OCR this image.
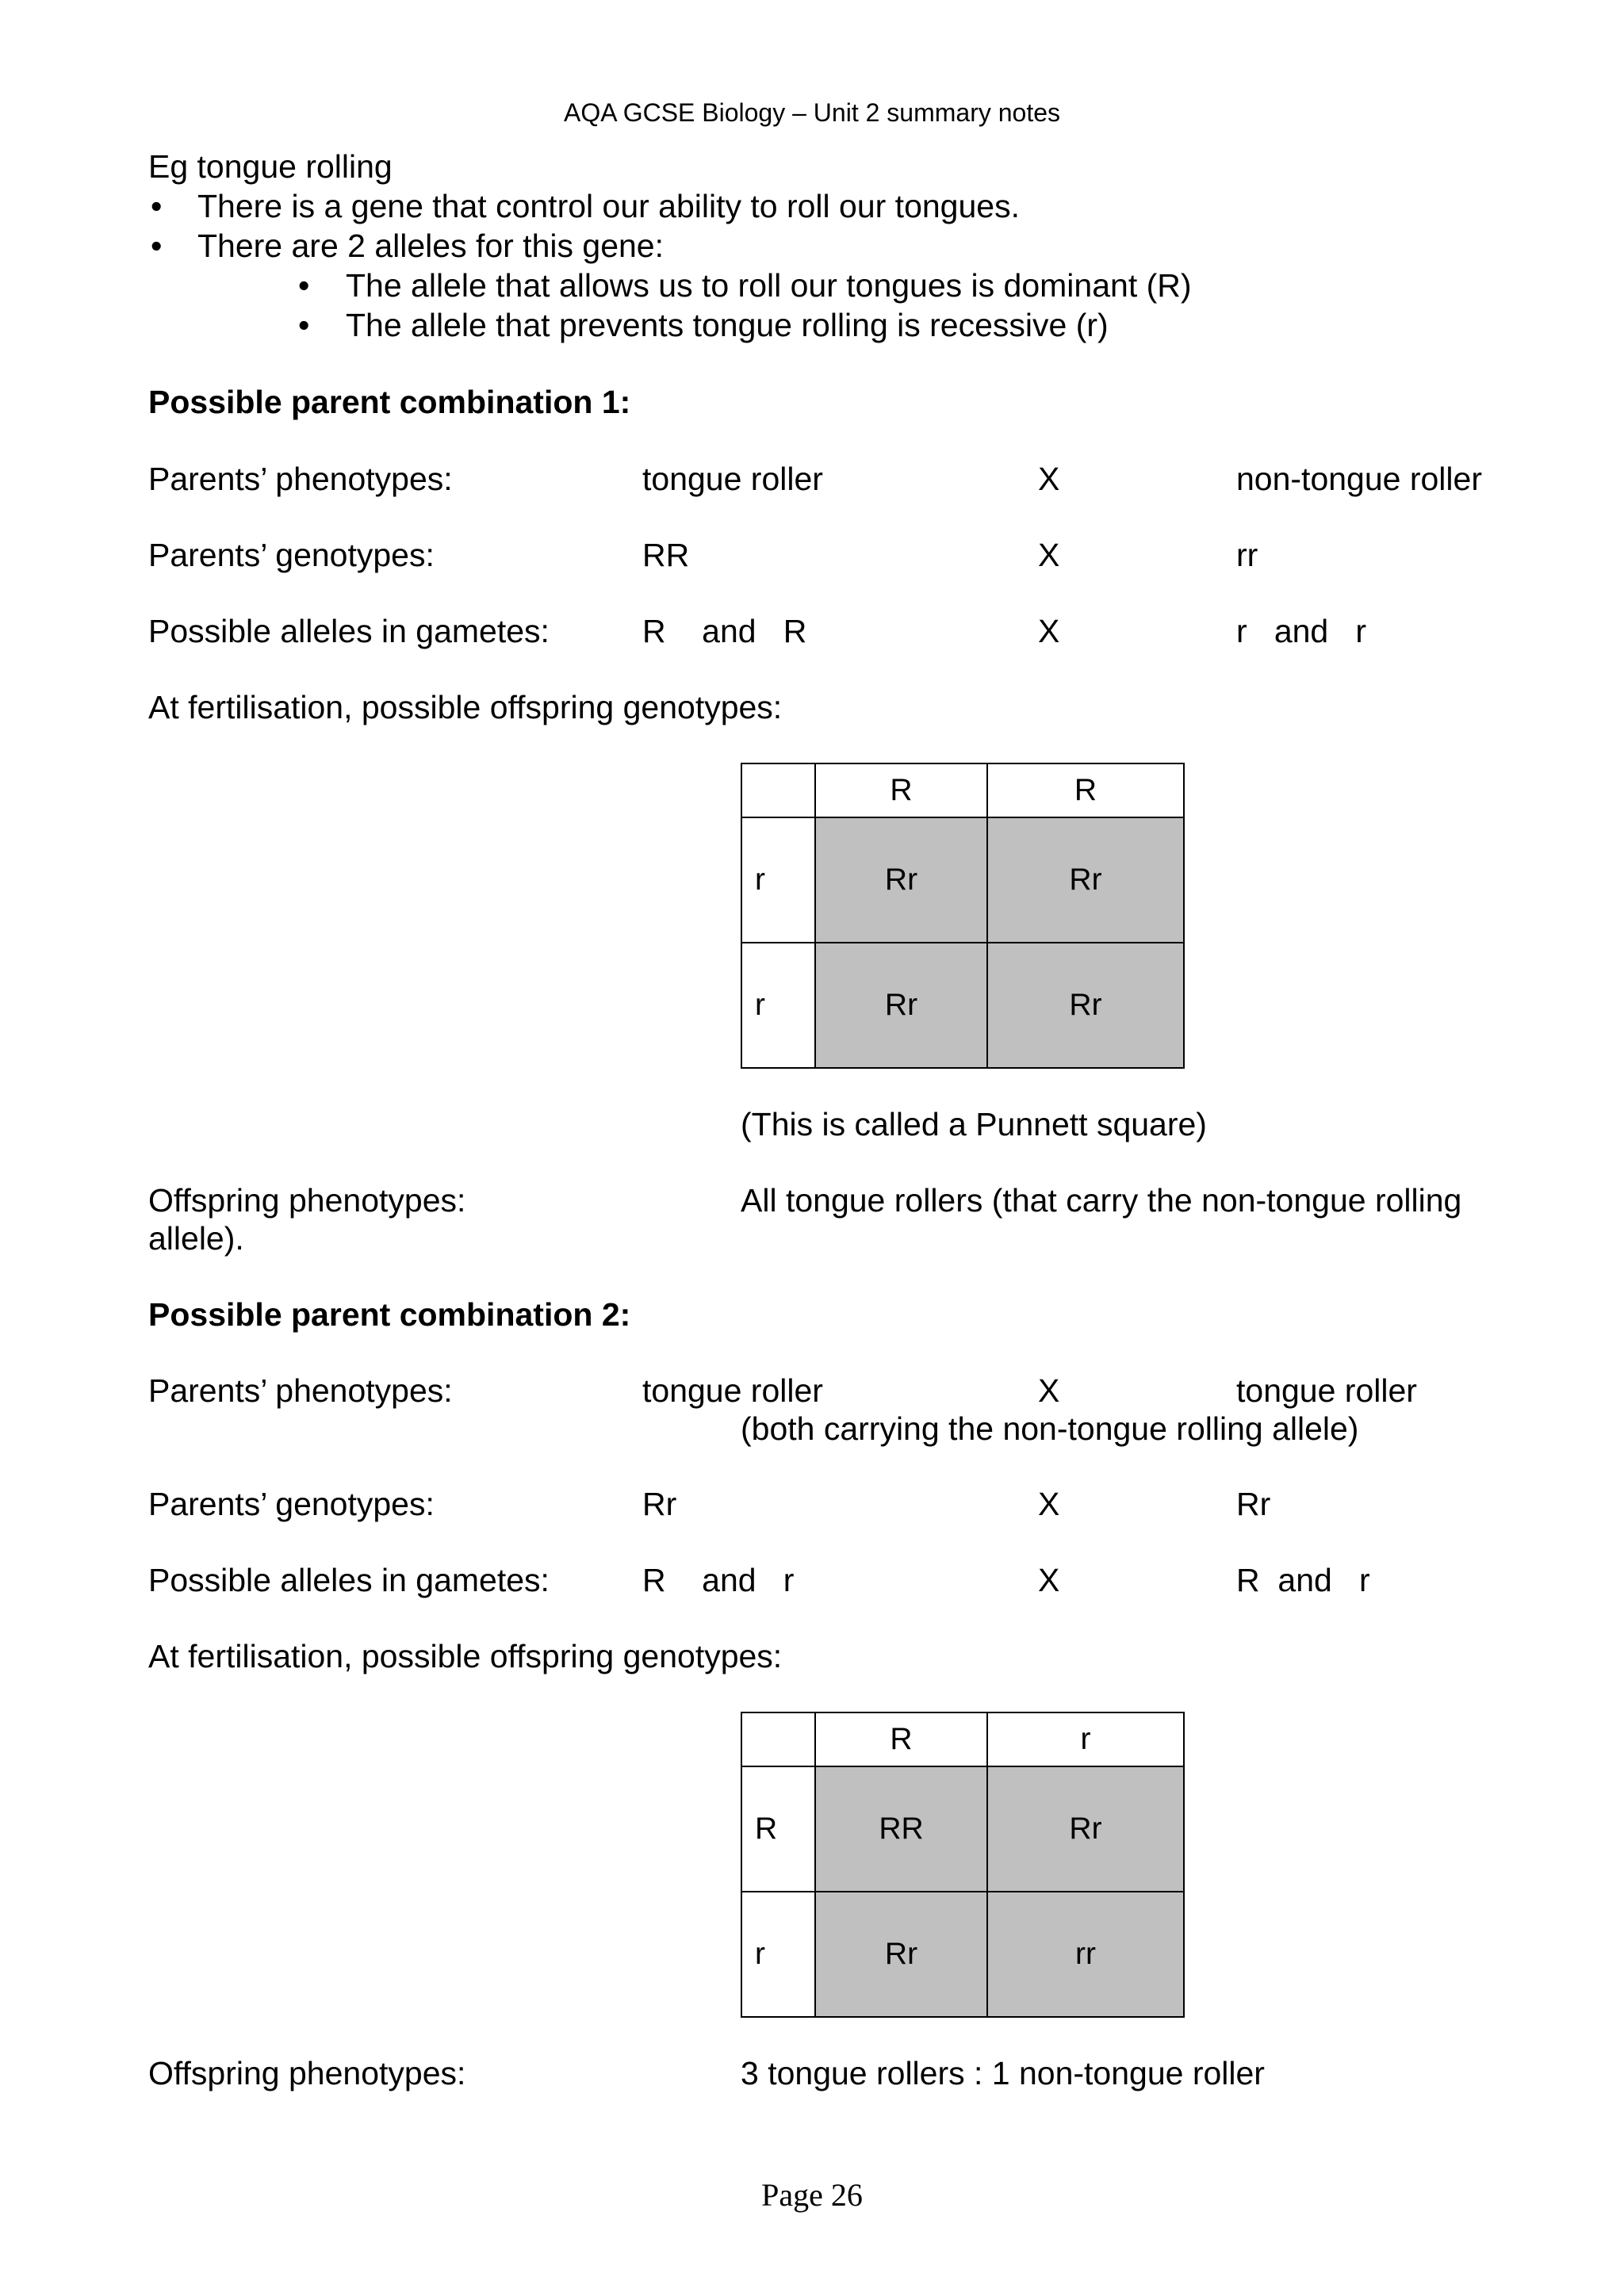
AQA GCSE Biology – Unit 2 summary notes
Eg tongue rolling
• There is a gene that control our ability to roll our tongues.
• There are 2 alleles for this gene:
• The allele that allows us to roll our tongues is dominant (R)
• The allele that prevents tongue rolling is recessive (r)
Possible parent combination 1:
Parents’ phenotypes:	tongue roller	X	non-tongue roller
Parents’ genotypes:	RR	X	rr
Possible alleles in gametes:	R    and   R	X	r   and   r
At fertilisation, possible offspring genotypes:
	R	R
r	Rr	Rr
r	Rr	Rr
(This is called a Punnett square)
Offspring phenotypes:	All tongue rollers (that carry the non-tongue rolling
allele).
Possible parent combination 2:
Parents’ phenotypes:	tongue roller	X	tongue roller
(both carrying the non-tongue rolling allele)
Parents’ genotypes:	Rr	X	Rr
Possible alleles in gametes:	R    and   r	X	R  and   r
At fertilisation, possible offspring genotypes:
	R	r
R	RR	Rr
r	Rr	rr
Offspring phenotypes:	3 tongue rollers : 1 non-tongue roller
Page 26
